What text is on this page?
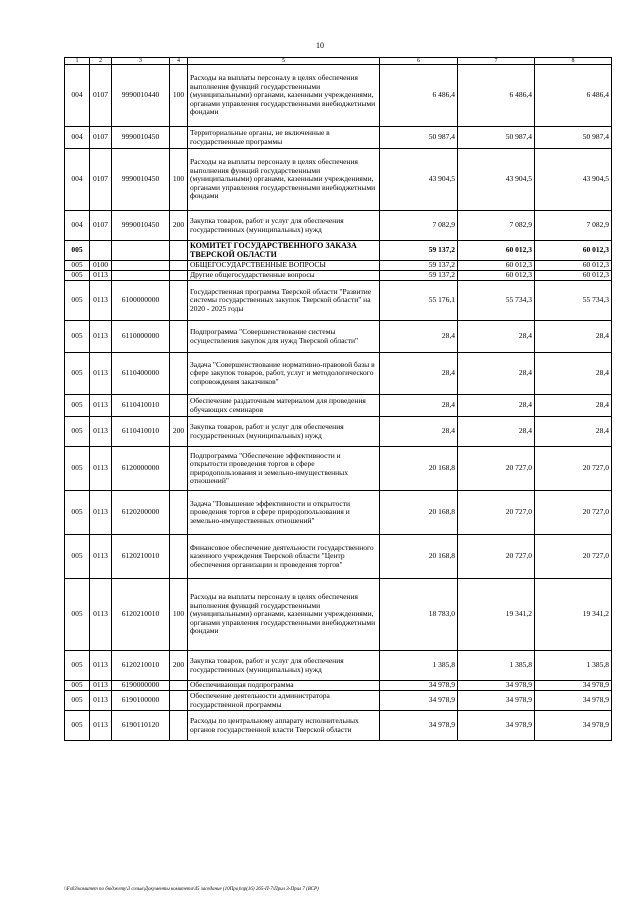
10
1	2	3	4	5	6	7	8
004	0107	9990010440	100	Расходы на выплаты персоналу в целях обеспечения выполнения функций государственными (муниципальными) органами, казенными учреждениями, органами управления государственными внебюджетными фондами	6 486,4	6 486,4	6 486,4
004	0107	9990010450		Территориальные органы, не включенные в государственные программы	50 987,4	50 987,4	50 987,4
004	0107	9990010450	100	Расходы на выплаты персоналу в целях обеспечения выполнения функций государственными (муниципальными) органами, казенными учреждениями, органами управления государственными внебюджетными фондами	43 904,5	43 904,5	43 904,5
004	0107	9990010450	200	Закупка товаров, работ и услуг для обеспечения государственных (муниципальных) нужд	7 082,9	7 082,9	7 082,9
005				КОМИТЕТ ГОСУДАРСТВЕННОГО ЗАКАЗА ТВЕРСКОЙ ОБЛАСТИ	59 137,2	60 012,3	60 012,3
005	0100			ОБЩЕГОСУДАРСТВЕННЫЕ ВОПРОСЫ	59 137,2	60 012,3	60 012,3
005	0113			Другие общегосударственные вопросы	59 137,2	60 012,3	60 012,3
005	0113	6100000000		Государственная программа Тверской области "Развитие системы государственных закупок Тверской области" на 2020 - 2025 годы	55 176,1	55 734,3	55 734,3
005	0113	6110000000		Подпрограмма "Совершенствование системы осуществления закупок для нужд Тверской области"	28,4	28,4	28,4
005	0113	6110400000		Задача "Совершенствование нормативно-правовой базы в сфере закупок товаров, работ, услуг и методологического сопровождения заказчиков"	28,4	28,4	28,4
005	0113	6110410010		Обеспечение раздаточным материалом для проведения обучающих семинаров	28,4	28,4	28,4
005	0113	6110410010	200	Закупка товаров, работ и услуг для обеспечения государственных (муниципальных) нужд	28,4	28,4	28,4
005	0113	6120000000		Подпрограмма "Обеспечение эффективности и открытости проведения торгов в сфере природопользования и земельно-имущественных отношений"	20 168,8	20 727,0	20 727,0
005	0113	6120200000		Задача "Повышение эффективности и открытости проведения торгов в сфере природопользования и земельно-имущественных отношений"	20 168,8	20 727,0	20 727,0
005	0113	6120210010		Финансовое обеспечение деятельности государственного казенного учреждения Тверской области "Центр обеспечения организации и проведения торгов"	20 168,8	20 727,0	20 727,0
005	0113	6120210010	100	Расходы на выплаты персоналу в целях обеспечения выполнения функций государственными (муниципальными) органами, казенными учреждениями, органами управления государственными внебюджетными фондами	18 783,0	19 341,2	19 341,2
005	0113	6120210010	200	Закупка товаров, работ и услуг для обеспечения государственных (муниципальных) нужд	1 385,8	1 385,8	1 385,8
005	0113	6190000000		Обеспечивающая подпрограмма	34 978,9	34 978,9	34 978,9
005	0113	6190100000		Обеспечение деятельности администратора государственной программы	34 978,9	34 978,9	34 978,9
005	0113	6190110120		Расходы по центральному аппарату исполнительных органов государственной власти Тверской области	34 978,9	34 978,9	34 978,9
\\Fs03\комитет по бюджету\3 созыв\Документы комитета\45 заседание (10Про)\пр(16) 265-П-7\Прил 3-Прил 7 (ВСР)
